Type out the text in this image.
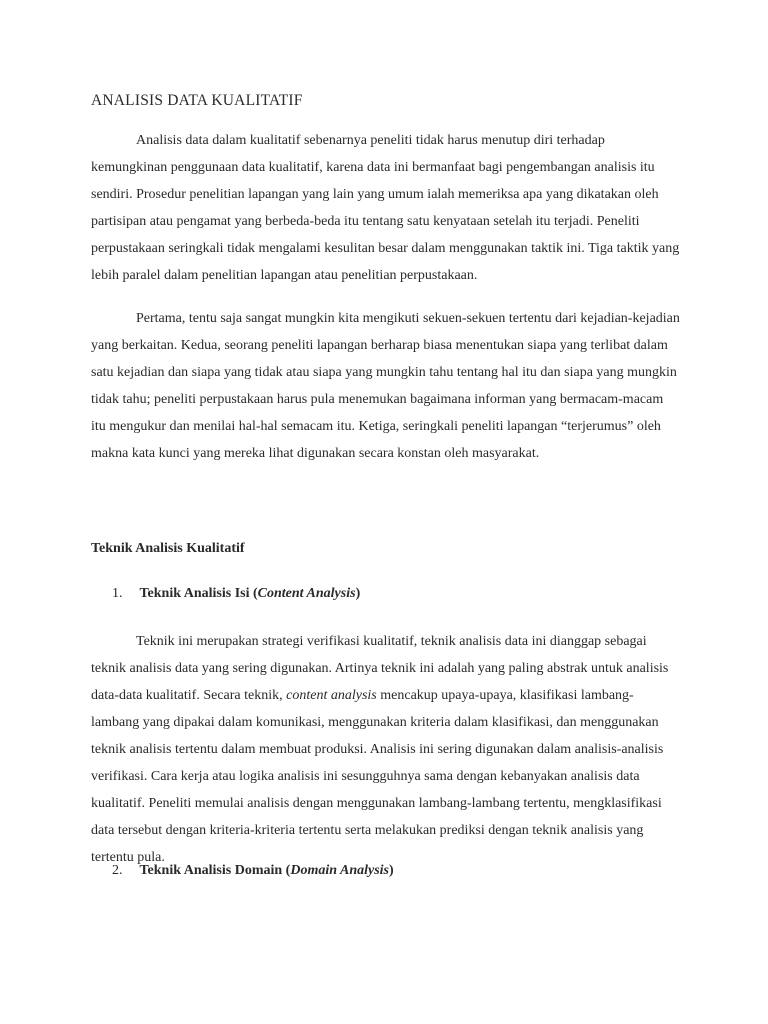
ANALISIS DATA KUALITATIF

Analisis data dalam kualitatif sebenarnya peneliti tidak harus menutup diri terhadap kemungkinan penggunaan data kualitatif, karena data ini bermanfaat bagi pengembangan analisis itu sendiri. Prosedur penelitian lapangan yang lain yang umum ialah memeriksa apa yang dikatakan oleh partisipan atau pengamat yang berbeda-beda itu tentang satu kenyataan setelah itu terjadi. Peneliti perpustakaan seringkali tidak mengalami kesulitan besar dalam menggunakan taktik ini. Tiga taktik yang lebih paralel dalam penelitian lapangan atau penelitian perpustakaan.

Pertama, tentu saja sangat mungkin kita mengikuti sekuen-sekuen tertentu dari kejadian-kejadian yang berkaitan. Kedua, seorang peneliti lapangan berharap biasa menentukan siapa yang terlibat dalam satu kejadian dan siapa yang tidak atau siapa yang mungkin tahu tentang hal itu dan siapa yang mungkin tidak tahu; peneliti perpustakaan harus pula menemukan bagaimana informan yang bermacam-macam itu mengukur dan menilai hal-hal semacam itu. Ketiga, seringkali peneliti lapangan “terjerumus” oleh makna kata kunci yang mereka lihat digunakan secara konstan oleh masyarakat.

Teknik Analisis Kualitatif

1. Teknik Analisis Isi (Content Analysis)

Teknik ini merupakan strategi verifikasi kualitatif, teknik analisis data ini dianggap sebagai teknik analisis data yang sering digunakan. Artinya teknik ini adalah yang paling abstrak untuk analisis data-data kualitatif. Secara teknik, content analysis mencakup upaya-upaya, klasifikasi lambang-lambang yang dipakai dalam komunikasi, menggunakan kriteria dalam klasifikasi, dan menggunakan teknik analisis tertentu dalam membuat produksi. Analisis ini sering digunakan dalam analisis-analisis verifikasi. Cara kerja atau logika analisis ini sesungguhnya sama dengan kebanyakan analisis data kualitatif. Peneliti memulai analisis dengan menggunakan lambang-lambang tertentu, mengklasifikasi data tersebut dengan kriteria-kriteria tertentu serta melakukan prediksi dengan teknik analisis yang tertentu pula.

2. Teknik Analisis Domain (Domain Analysis)
